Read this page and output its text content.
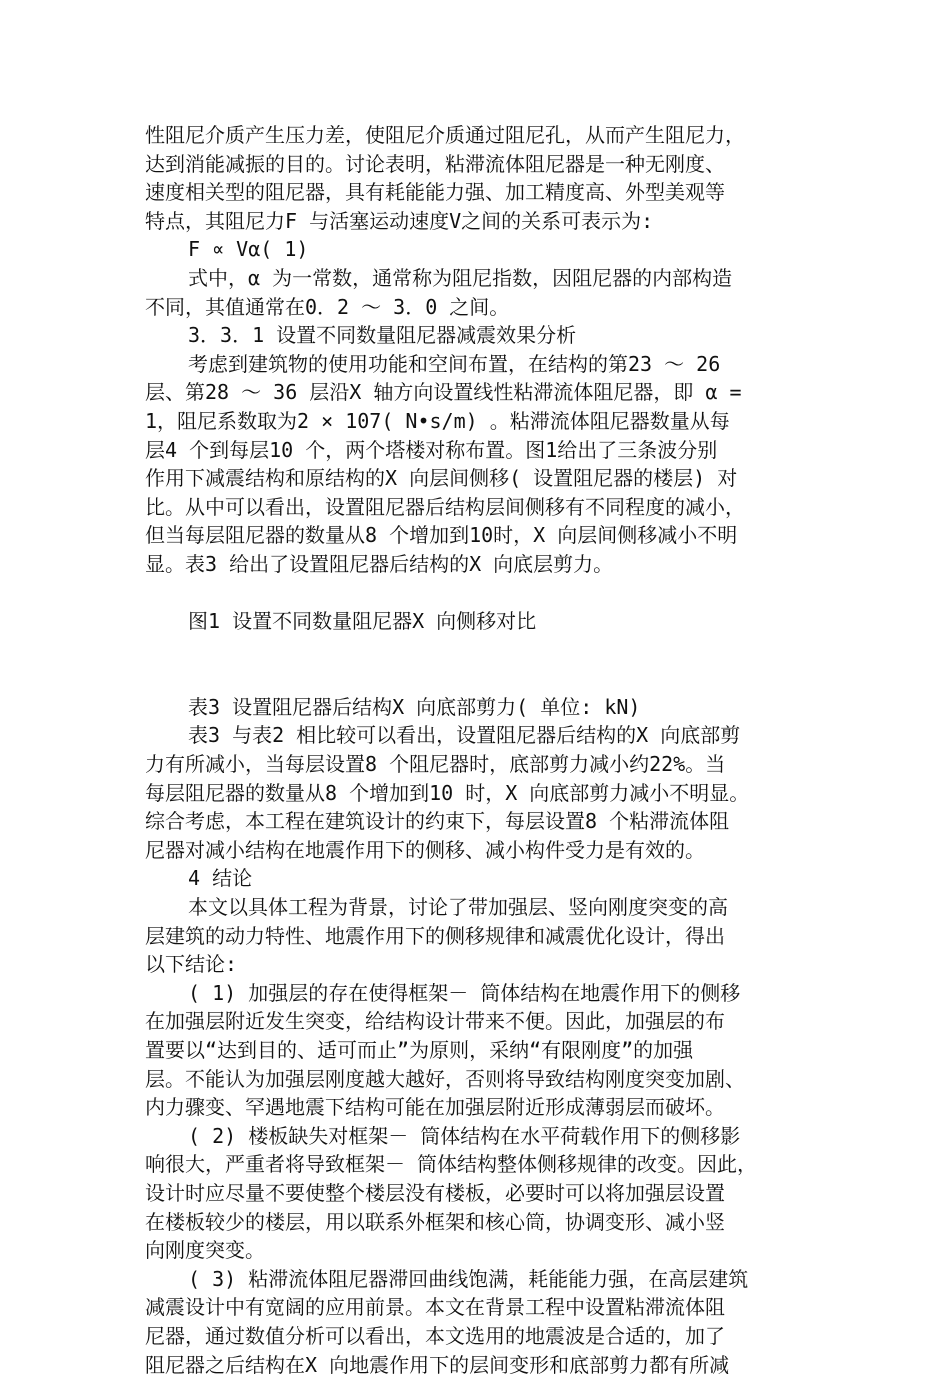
性阻尼介质产生压力差，使阻尼介质通过阻尼孔，从而产生阻尼力，
达到消能减振的目的。讨论表明，粘滞流体阻尼器是一种无刚度、
速度相关型的阻尼器，具有耗能能力强、加工精度高、外型美观等
特点，其阻尼力F 与活塞运动速度V之间的关系可表示为:
F ∝ Vα( 1)
式中，α 为一常数，通常称为阻尼指数，因阻尼器的内部构造
不同，其值通常在0．2 ～ 3．0 之间。
3．3．1 设置不同数量阻尼器减震效果分析
考虑到建筑物的使用功能和空间布置，在结构的第23 ～ 26
层、第28 ～ 36 层沿X 轴方向设置线性粘滞流体阻尼器，即 α =
1，阻尼系数取为2 × 107( N•s/m) 。粘滞流体阻尼器数量从每
层4 个到每层10 个，两个塔楼对称布置。图1给出了三条波分别
作用下减震结构和原结构的X 向层间侧移( 设置阻尼器的楼层) 对
比。从中可以看出，设置阻尼器后结构层间侧移有不同程度的减小，
但当每层阻尼器的数量从8 个增加到10时，X 向层间侧移减小不明
显。表3 给出了设置阻尼器后结构的X 向底层剪力。
图1 设置不同数量阻尼器X 向侧移对比
表3 设置阻尼器后结构X 向底部剪力( 单位: kN)
表3 与表2 相比较可以看出，设置阻尼器后结构的X 向底部剪
力有所减小，当每层设置8 个阻尼器时，底部剪力减小约22%。当
每层阻尼器的数量从8 个增加到10 时，X 向底部剪力减小不明显。
综合考虑，本工程在建筑设计的约束下，每层设置8 个粘滞流体阻
尼器对减小结构在地震作用下的侧移、减小构件受力是有效的。
4 结论
本文以具体工程为背景，讨论了带加强层、竖向刚度突变的高
层建筑的动力特性、地震作用下的侧移规律和减震优化设计，得出
以下结论:
( 1) 加强层的存在使得框架－ 筒体结构在地震作用下的侧移
在加强层附近发生突变，给结构设计带来不便。因此，加强层的布
置要以“达到目的、适可而止”为原则，采纳“有限刚度”的加强
层。不能认为加强层刚度越大越好，否则将导致结构刚度突变加剧、
内力骤变、罕遇地震下结构可能在加强层附近形成薄弱层而破坏。
( 2) 楼板缺失对框架－ 筒体结构在水平荷载作用下的侧移影
响很大，严重者将导致框架－ 筒体结构整体侧移规律的改变。因此，
设计时应尽量不要使整个楼层没有楼板，必要时可以将加强层设置
在楼板较少的楼层，用以联系外框架和核心筒，协调变形、减小竖
向刚度突变。
( 3) 粘滞流体阻尼器滞回曲线饱满，耗能能力强，在高层建筑
减震设计中有宽阔的应用前景。本文在背景工程中设置粘滞流体阻
尼器，通过数值分析可以看出，本文选用的地震波是合适的，加了
阻尼器之后结构在X 向地震作用下的层间变形和底部剪力都有所减
